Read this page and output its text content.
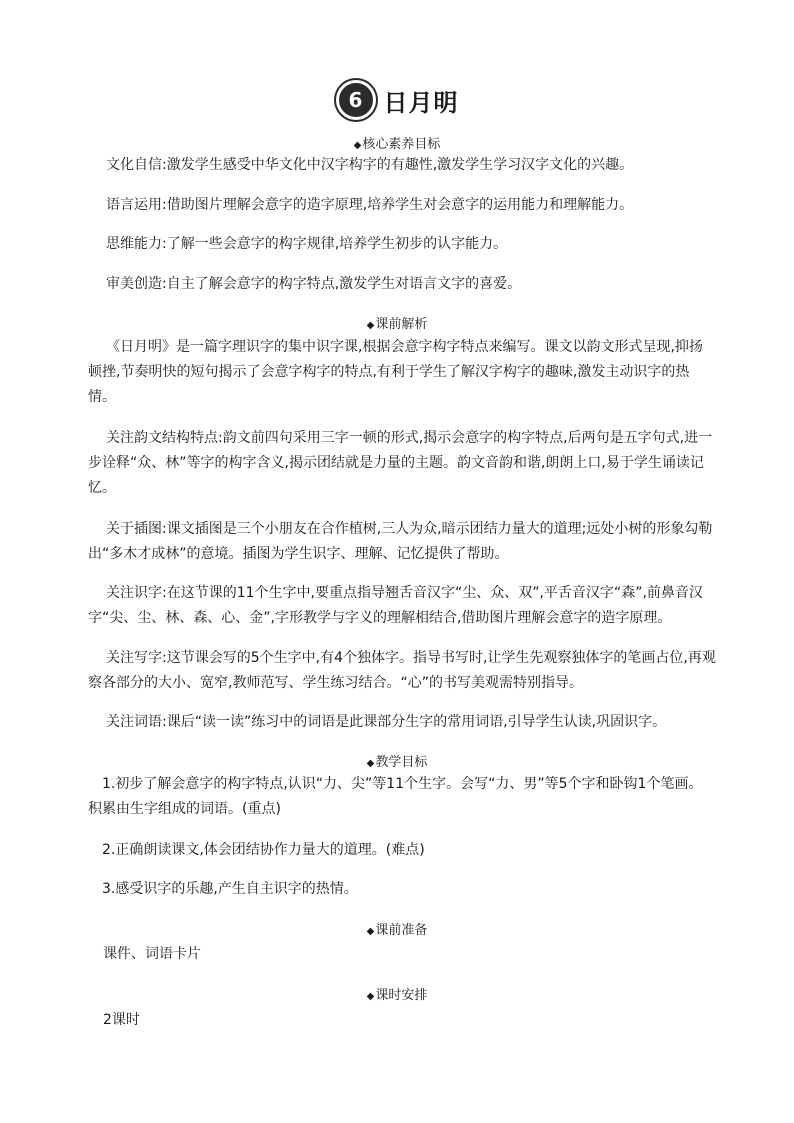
6 日月明
◆核心素养目标

文化自信:激发学生感受中华文化中汉字构字的有趣性,激发学生学习汉字文化的兴趣。

语言运用:借助图片理解会意字的造字原理,培养学生对会意字的运用能力和理解能力。

思维能力:了解一些会意字的构字规律,培养学生初步的认字能力。

审美创造:自主了解会意字的构字特点,激发学生对语言文字的喜爱。

◆课前解析

《日月明》是一篇字理识字的集中识字课,根据会意字构字特点来编写。课文以韵文形式呈现,抑扬顿挫,节奏明快的短句揭示了会意字构字的特点,有利于学生了解汉字构字的趣味,激发主动识字的热情。

关注韵文结构特点:韵文前四句采用三字一顿的形式,揭示会意字的构字特点,后两句是五字句式,进一步诠释“众、林”等字的构字含义,揭示团结就是力量的主题。韵文音韵和谐,朗朗上口,易于学生诵读记忆。

关于插图:课文插图是三个小朋友在合作植树,三人为众,暗示团结力量大的道理;远处小树的形象勾勒出“多木才成林”的意境。插图为学生识字、理解、记忆提供了帮助。

关注识字:在这节课的11个生字中,要重点指导翘舌音汉字“尘、众、双”,平舌音汉字“森”,前鼻音汉字“尖、尘、林、森、心、金”,字形教学与字义的理解相结合,借助图片理解会意字的造字原理。

关注写字:这节课会写的5个生字中,有4个独体字。指导书写时,让学生先观察独体字的笔画占位,再观察各部分的大小、宽窄,教师范写、学生练习结合。“心”的书写美观需特别指导。

关注词语:课后“读一读”练习中的词语是此课部分生字的常用词语,引导学生认读,巩固识字。

◆教学目标

1.初步了解会意字的构字特点,认识“力、尖”等11个生字。会写“力、男”等5个字和卧钩1个笔画。积累由生字组成的词语。(重点)

2.正确朗读课文,体会团结协作力量大的道理。(难点)

3.感受识字的乐趣,产生自主识字的热情。

◆课前准备

课件、词语卡片

◆课时安排

2课时
